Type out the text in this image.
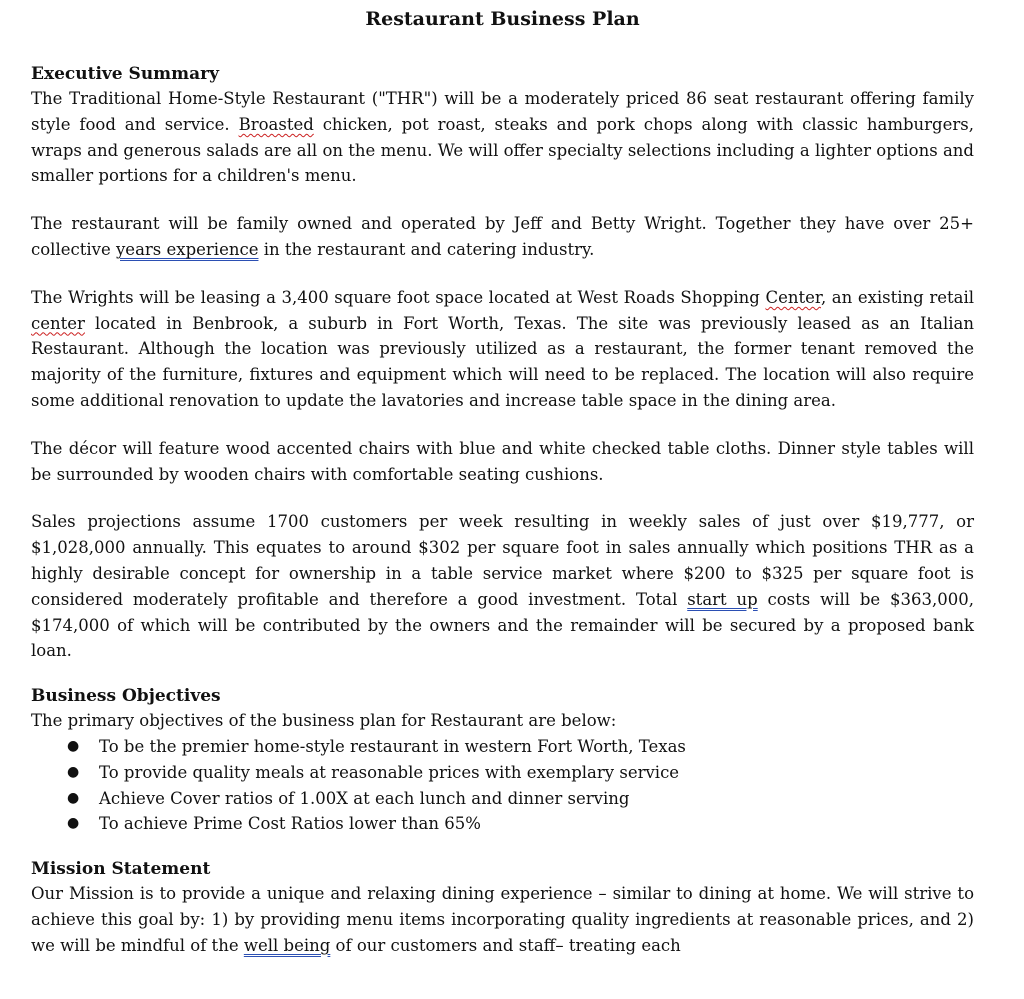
Restaurant Business Plan
Executive Summary

The Traditional Home-Style Restaurant ("THR") will be a moderately priced 86 seat restaurant offering family style food and service. Broasted chicken, pot roast, steaks and pork chops along with classic hamburgers, wraps and generous salads are all on the menu. We will offer specialty selections including a lighter options and smaller portions for a children's menu.

The restaurant will be family owned and operated by Jeff and Betty Wright. Together they have over 25+ collective years experience in the restaurant and catering industry.

The Wrights will be leasing a 3,400 square foot space located at West Roads Shopping Center, an existing retail center located in Benbrook, a suburb in Fort Worth, Texas. The site was previously leased as an Italian Restaurant. Although the location was previously utilized as a restaurant, the former tenant removed the majority of the furniture, fixtures and equipment which will need to be replaced. The location will also require some additional renovation to update the lavatories and increase table space in the dining area.

The décor will feature wood accented chairs with blue and white checked table cloths. Dinner style tables will be surrounded by wooden chairs with comfortable seating cushions.

Sales projections assume 1700 customers per week resulting in weekly sales of just over $19,777, or $1,028,000 annually. This equates to around $302 per square foot in sales annually which positions THR as a highly desirable concept for ownership in a table service market where $200 to $325 per square foot is considered moderately profitable and therefore a good investment. Total start up costs will be $363,000, $174,000 of which will be contributed by the owners and the remainder will be secured by a proposed bank loan.

Business Objectives

The primary objectives of the business plan for Restaurant are below:

● To be the premier home-style restaurant in western Fort Worth, Texas
● To provide quality meals at reasonable prices with exemplary service
● Achieve Cover ratios of 1.00X at each lunch and dinner serving
● To achieve Prime Cost Ratios lower than 65%
Mission Statement

Our Mission is to provide a unique and relaxing dining experience – similar to dining at home. We will strive to achieve this goal by: 1) by providing menu items incorporating quality ingredients at reasonable prices, and 2) we will be mindful of the well being of our customers and staff– treating each
